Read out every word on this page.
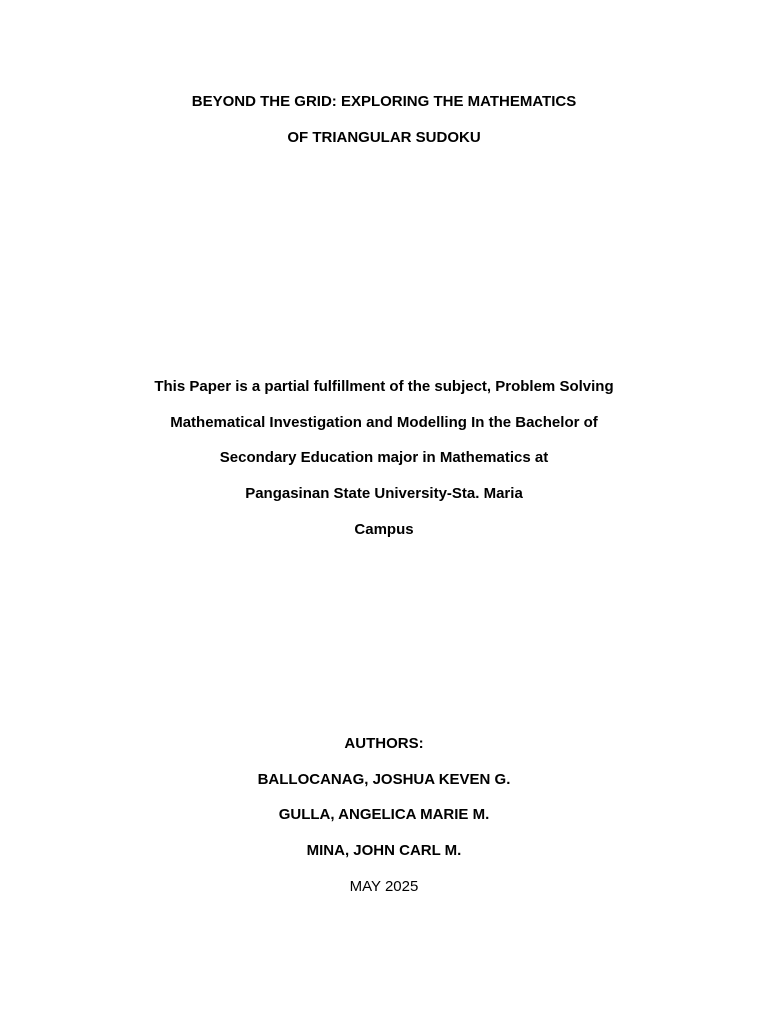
BEYOND THE GRID: EXPLORING THE MATHEMATICS
OF TRIANGULAR SUDOKU
This Paper is a partial fulfillment of the subject, Problem Solving
Mathematical Investigation and Modelling In the Bachelor of
Secondary Education major in Mathematics at
Pangasinan State University-Sta. Maria
Campus
AUTHORS:
BALLOCANAG, JOSHUA KEVEN G.
GULLA, ANGELICA MARIE M.
MINA, JOHN CARL M.
MAY 2025
